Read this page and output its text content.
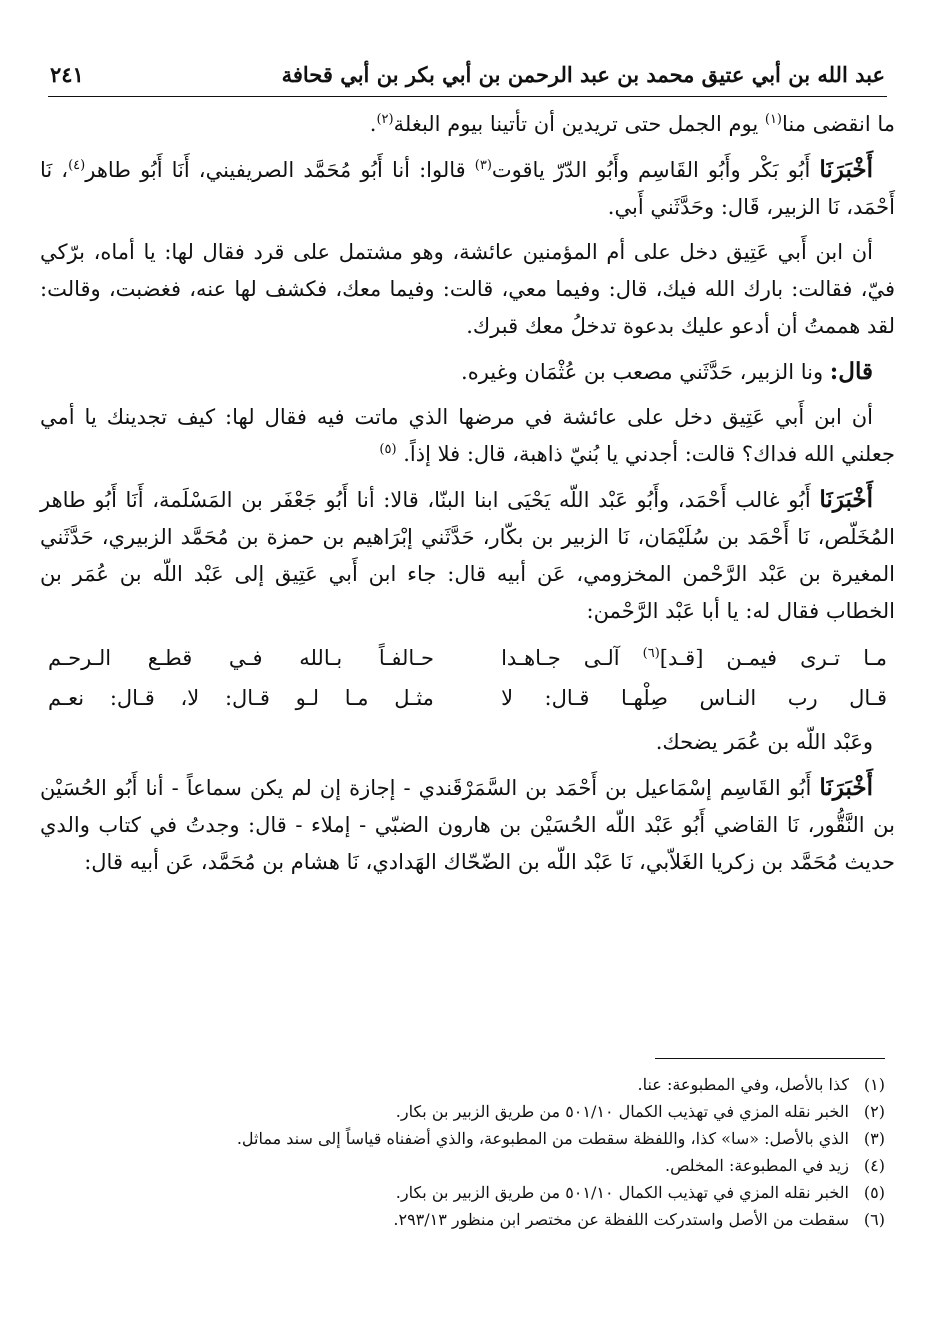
عبد الله بن أبي عتيق محمد بن عبد الرحمن بن أبي بكر بن أبي قحافة
٢٤١

ما انقضى منا$^{(١)}$ يوم الجمل حتى تريدين أن تأتينا بيوم البغلة$^{(٢)}$.

أَخْبَرَنَا أَبُو بَكْر وأَبُو القَاسِم وأَبُو الدّرّ ياقوت$^{(٣)}$ قالوا: أنا أَبُو مُحَمَّد الصريفيني، أَنَا أَبُو طاهر$^{(٤)}$، نَا أَحْمَد، نَا الزبير، قَال: وحَدَّثَني أَبي.

أن ابن أَبي عَتِيق دخل على أم المؤمنين عائشة، وهو مشتمل على قرد فقال لها: يا أماه، برّكي فيّ، فقالت: بارك الله فيك، قال: وفيما معي، قالت: وفيما معك، فكشف لها عنه، فغضبت، وقالت: لقد هممتُ أن أدعو عليك بدعوة تدخلُ معك قبرك.

قال: ونا الزبير، حَدَّثَني مصعب بن عُثْمَان وغيره.

أن ابن أَبي عَتِيق دخل على عائشة في مرضها الذي ماتت فيه فقال لها: كيف تجدينك يا أمي جعلني الله فداك؟ قالت: أجدني يا بُنيّ ذاهبة، قال: فلا إذاً. $^{(٥)}$

أَخْبَرَنَا أَبُو غالب أَحْمَد، وأَبُو عَبْد اللّه يَحْيَى ابنا البنّا، قالا: أنا أَبُو جَعْفَر بن المَسْلَمة، أَنَا أَبُو طاهر المُخَلّص، نَا أَحْمَد بن سُلَيْمَان، نَا الزبير بن بكّار، حَدَّثَني إبْرَاهيم بن حمزة بن مُحَمَّد الزبيري، حَدَّثَني المغيرة بن عَبْد الرَّحْمن المخزومي، عَن أبيه قال: جاء ابن أَبي عَتِيق إلى عَبْد اللّه بن عُمَر بن الخطاب فقال له: يا أبا عَبْد الرَّحْمن:

مـا تـرى فيمـن [قـد]$^{(٦)}$ آلـى جـاهـدا
حـالفـاً بـالله فـي قطـع الـرحـم
قـال رب النـاس صِلْهـا قـال: لا
مثـل مـا لـو قـال: لا، قـال: نعـم

وعَبْد اللّه بن عُمَر يضحك.

أَخْبَرَنَا أَبُو القَاسِم إسْمَاعيل بن أَحْمَد بن السَّمَرْقَندي - إجازة إن لم يكن سماعاً - أنا أَبُو الحُسَيْن بن النَّقُّور، نَا القاضي أَبُو عَبْد اللّه الحُسَيْن بن هارون الضبّي - إملاء - قال: وجدتُ في كتاب والدي حديث مُحَمَّد بن زكريا الغَلاّبي، نَا عَبْد اللّه بن الضّحّاك الهَدادي، نَا هشام بن مُحَمَّد، عَن أبيه قال:

(١)
كذا بالأصل، وفي المطبوعة: عنا.
(٢)
الخبر نقله المزي في تهذيب الكمال ٥٠١/١٠ من طريق الزبير بن بكار.
(٣)
الذي بالأصل: «سا» كذا، واللفظة سقطت من المطبوعة، والذي أضفناه قياساً إلى سند مماثل.
(٤)
زيد في المطبوعة: المخلص.
(٥)
الخبر نقله المزي في تهذيب الكمال ٥٠١/١٠ من طريق الزبير بن بكار.
(٦)
سقطت من الأصل واستدركت اللفظة عن مختصر ابن منظور ٢٩٣/١٣.
